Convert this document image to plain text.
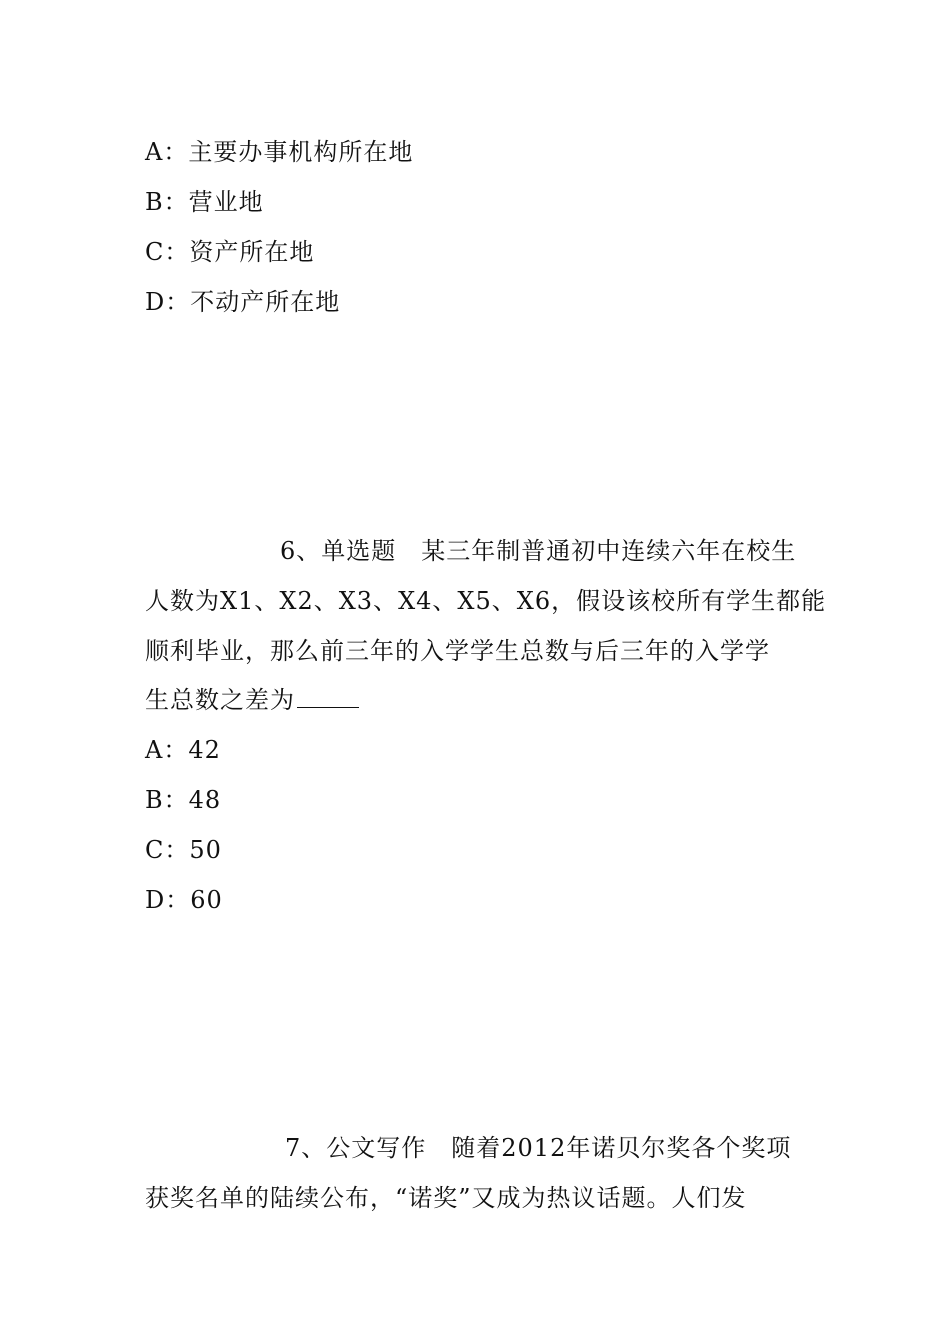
A：主要办事机构所在地
B：营业地
C：资产所在地
D：不动产所在地
6、单选题　某三年制普通初中连续六年在校生
人数为X1、X2、X3、X4、X5、X6，假设该校所有学生都能
顺利毕业，那么前三年的入学学生总数与后三年的入学学
生总数之差为
A：42
B：48
C：50
D：60
7、公文写作　随着2012年诺贝尔奖各个奖项
获奖名单的陆续公布，“诺奖”又成为热议话题。人们发
